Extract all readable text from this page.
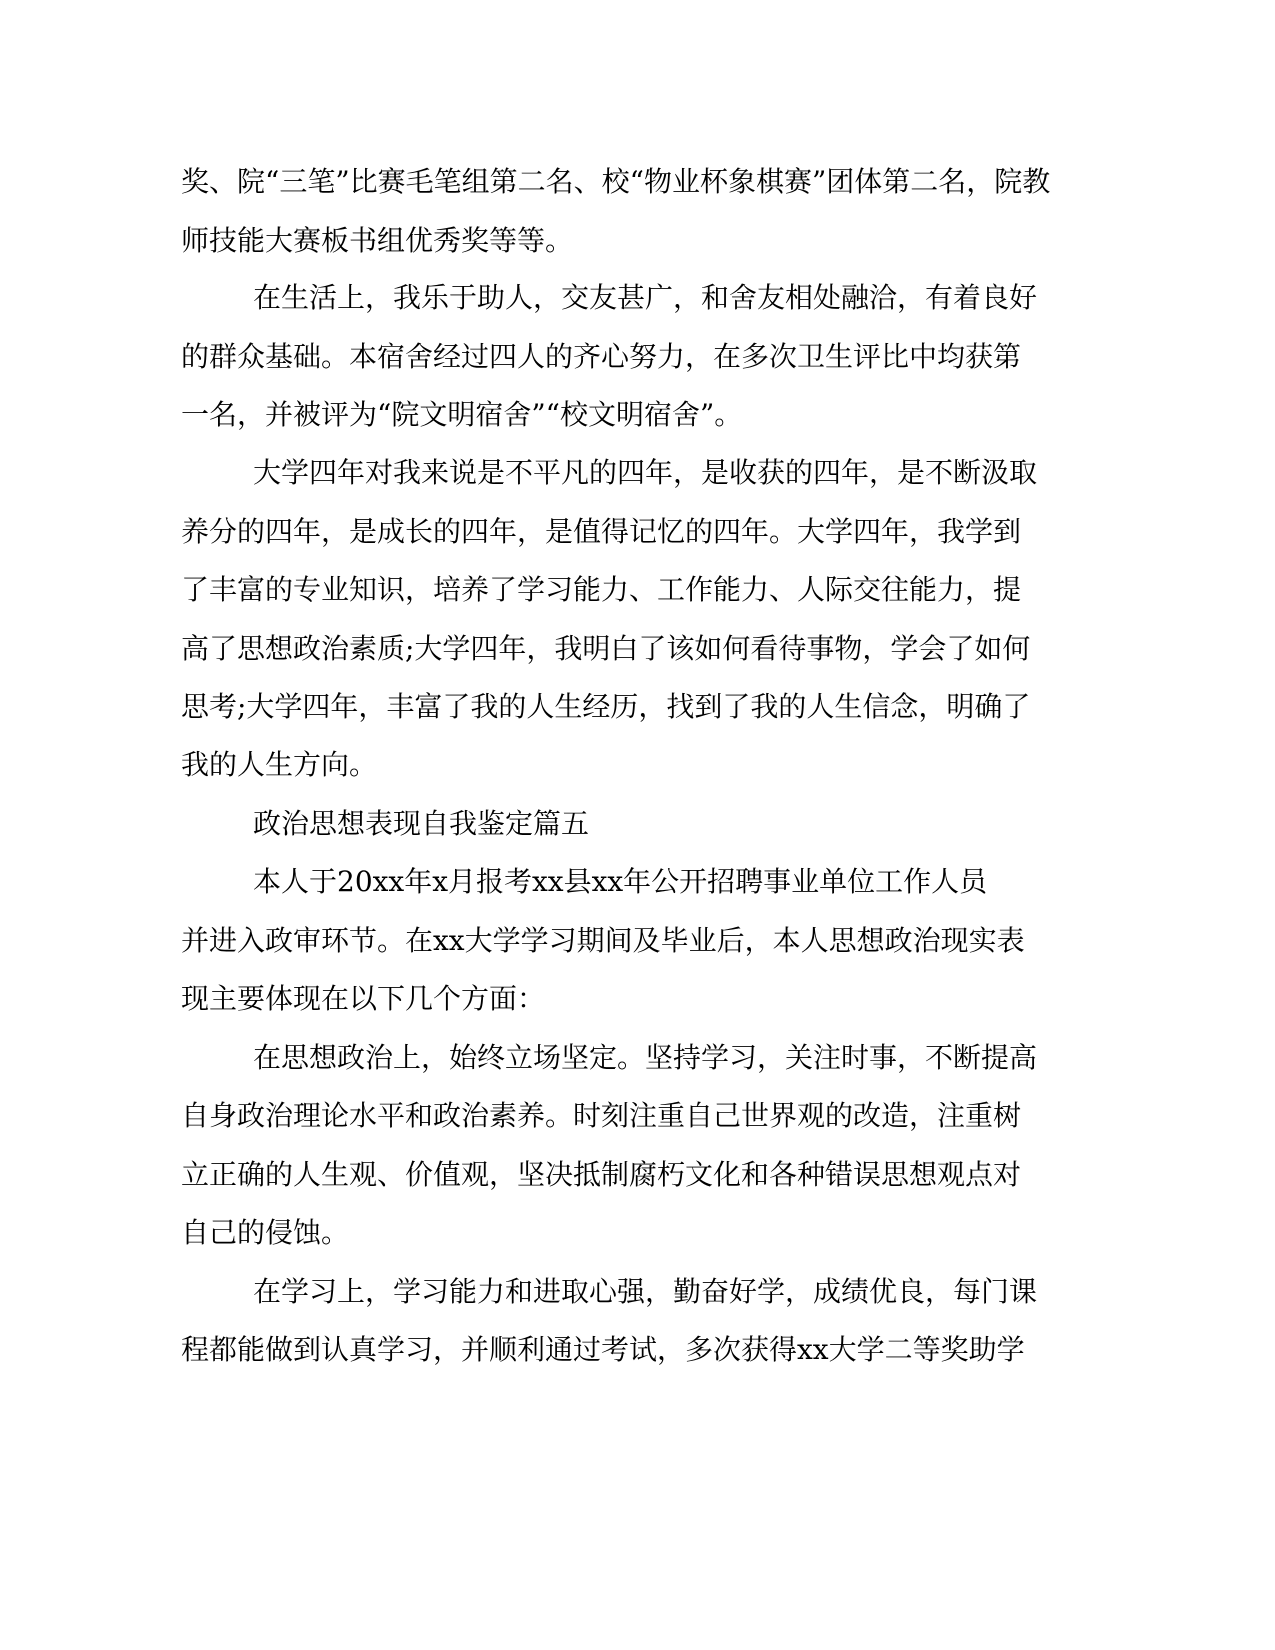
奖、院“三笔”比赛毛笔组第二名、校“物业杯象棋赛”团体第二名，院教

师技能大赛板书组优秀奖等等。

在生活上，我乐于助人，交友甚广，和舍友相处融洽，有着良好

的群众基础。本宿舍经过四人的齐心努力，在多次卫生评比中均获第

一名，并被评为“院文明宿舍”“校文明宿舍”。

大学四年对我来说是不平凡的四年，是收获的四年，是不断汲取

养分的四年，是成长的四年，是值得记忆的四年。大学四年，我学到

了丰富的专业知识，培养了学习能力、工作能力、人际交往能力，提

高了思想政治素质;大学四年，我明白了该如何看待事物，学会了如何

思考;大学四年，丰富了我的人生经历，找到了我的人生信念，明确了

我的人生方向。

政治思想表现自我鉴定篇五

本人于20xx年x月报考xx县xx年公开招聘事业单位工作人员

并进入政审环节。在xx大学学习期间及毕业后，本人思想政治现实表

现主要体现在以下几个方面：

在思想政治上，始终立场坚定。坚持学习，关注时事，不断提高

自身政治理论水平和政治素养。时刻注重自己世界观的改造，注重树

立正确的人生观、价值观，坚决抵制腐朽文化和各种错误思想观点对

自己的侵蚀。

在学习上，学习能力和进取心强，勤奋好学，成绩优良，每门课

程都能做到认真学习，并顺利通过考试，多次获得xx大学二等奖助学
